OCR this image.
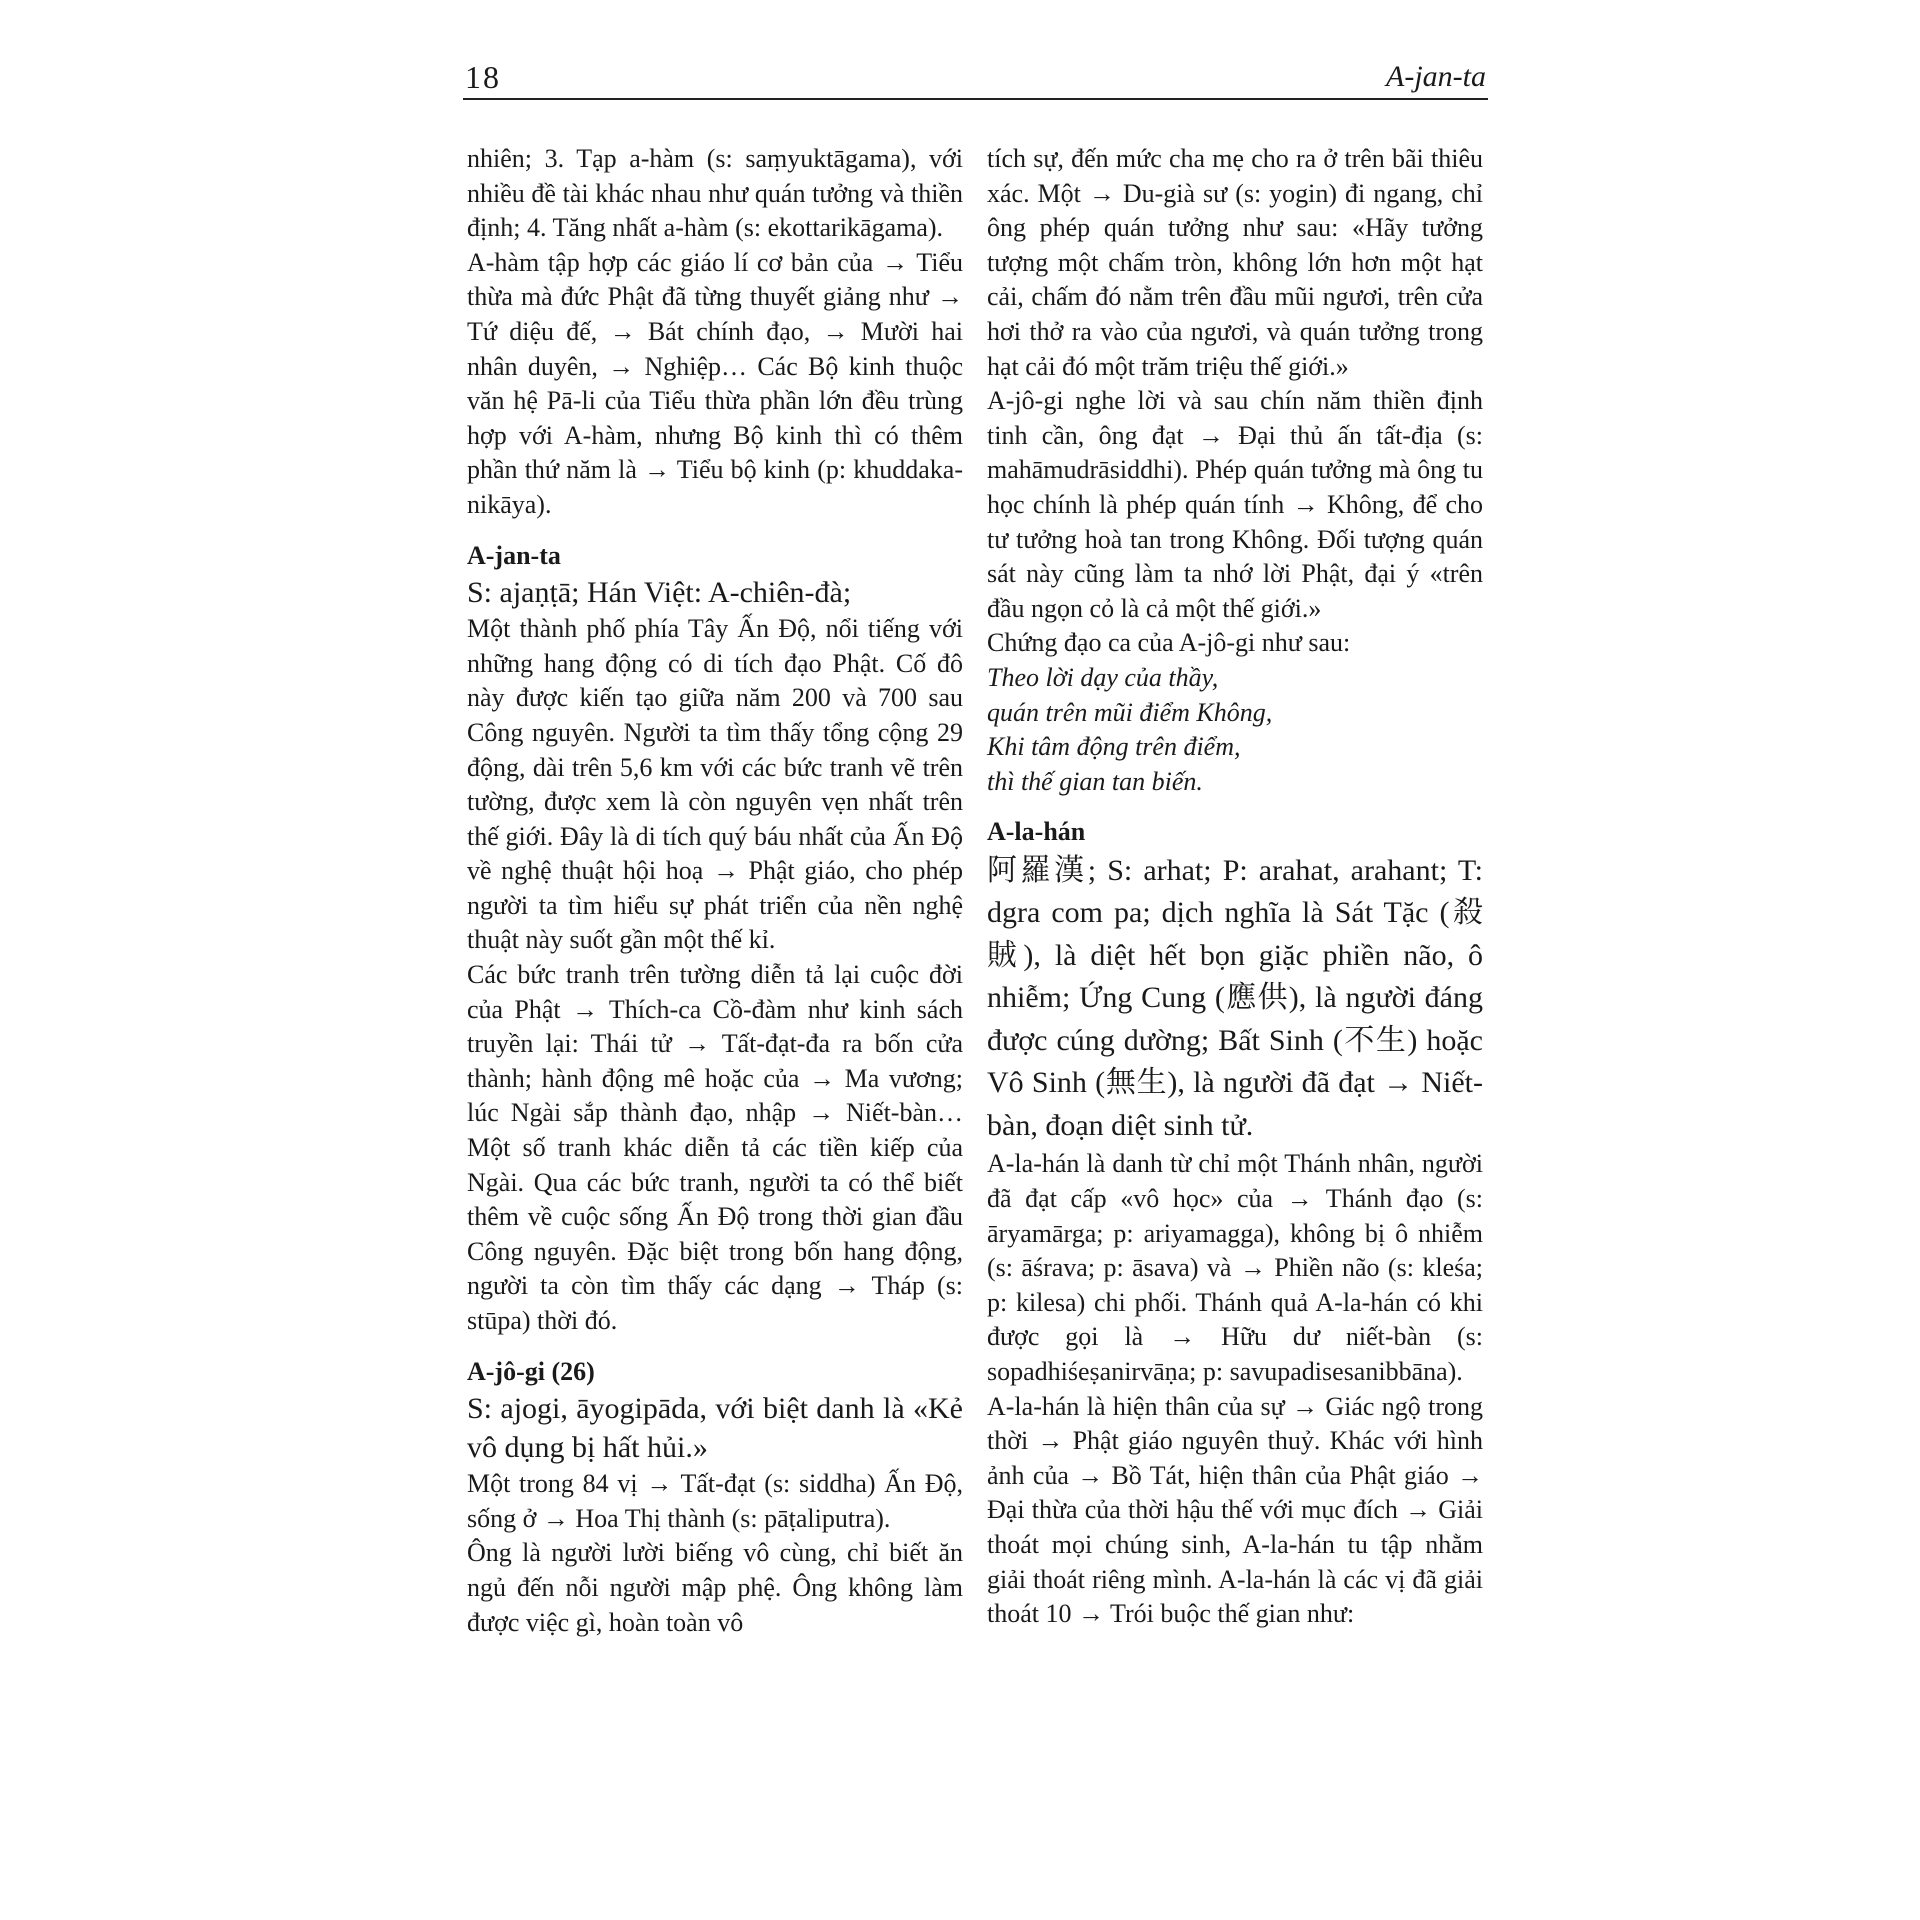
18	A-jan-ta
nhiên; 3. Tạp a-hàm (s: saṃyuktāgama), với nhiều đề tài khác nhau như quán tưởng và thiền định; 4. Tăng nhất a-hàm (s: ekottarikāgama).
A-hàm tập hợp các giáo lí cơ bản của → Tiểu thừa mà đức Phật đã từng thuyết giảng như → Tứ diệu đế, → Bát chính đạo, → Mười hai nhân duyên, → Nghiệp… Các Bộ kinh thuộc văn hệ Pā-li của Tiểu thừa phần lớn đều trùng hợp với A-hàm, nhưng Bộ kinh thì có thêm phần thứ năm là → Tiểu bộ kinh (p: khuddaka-nikāya).
A-jan-ta
S: ajaṇṭā; Hán Việt: A-chiên-đà;
Một thành phố phía Tây Ấn Độ, nổi tiếng với những hang động có di tích đạo Phật. Cố đô này được kiến tạo giữa năm 200 và 700 sau Công nguyên. Người ta tìm thấy tổng cộng 29 động, dài trên 5,6 km với các bức tranh vẽ trên tường, được xem là còn nguyên vẹn nhất trên thế giới. Đây là di tích quý báu nhất của Ấn Độ về nghệ thuật hội hoạ → Phật giáo, cho phép người ta tìm hiểu sự phát triển của nền nghệ thuật này suốt gần một thế kỉ.
Các bức tranh trên tường diễn tả lại cuộc đời của Phật → Thích-ca Cồ-đàm như kinh sách truyền lại: Thái tử → Tất-đạt-đa ra bốn cửa thành; hành động mê hoặc của → Ma vương; lúc Ngài sắp thành đạo, nhập → Niết-bàn… Một số tranh khác diễn tả các tiền kiếp của Ngài. Qua các bức tranh, người ta có thể biết thêm về cuộc sống Ấn Độ trong thời gian đầu Công nguyên. Đặc biệt trong bốn hang động, người ta còn tìm thấy các dạng → Tháp (s: stūpa) thời đó.
A-jô-gi (26)
S: ajogi, āyogipāda, với biệt danh là «Kẻ vô dụng bị hất hủi.»
Một trong 84 vị → Tất-đạt (s: siddha) Ấn Độ, sống ở → Hoa Thị thành (s: pāṭaliputra).
Ông là người lười biếng vô cùng, chỉ biết ăn ngủ đến nỗi người mập phệ. Ông không làm được việc gì, hoàn toàn vô
tích sự, đến mức cha mẹ cho ra ở trên bãi thiêu xác. Một → Du-già sư (s: yogin) đi ngang, chỉ ông phép quán tưởng như sau: «Hãy tưởng tượng một chấm tròn, không lớn hơn một hạt cải, chấm đó nằm trên đầu mũi ngươi, trên cửa hơi thở ra vào của ngươi, và quán tưởng trong hạt cải đó một trăm triệu thế giới.»
A-jô-gi nghe lời và sau chín năm thiền định tinh cần, ông đạt → Đại thủ ấn tất-địa (s: mahāmudrāsiddhi). Phép quán tưởng mà ông tu học chính là phép quán tính → Không, để cho tư tưởng hoà tan trong Không. Đối tượng quán sát này cũng làm ta nhớ lời Phật, đại ý «trên đầu ngọn cỏ là cả một thế giới.»
Chứng đạo ca của A-jô-gi như sau:
Theo lời dạy của thầy,
quán trên mũi điểm Không,
Khi tâm động trên điểm,
thì thế gian tan biến.
A-la-hán
阿羅漢; S: arhat; P: arahat, arahant; T: dgra com pa; dịch nghĩa là Sát Tặc (殺賊), là diệt hết bọn giặc phiền não, ô nhiễm; Ứng Cung (應供), là người đáng được cúng dường; Bất Sinh (不生) hoặc Vô Sinh (無生), là người đã đạt → Niết-bàn, đoạn diệt sinh tử.
A-la-hán là danh từ chỉ một Thánh nhân, người đã đạt cấp «vô học» của → Thánh đạo (s: āryamārga; p: ariyamagga), không bị ô nhiễm (s: āśrava; p: āsava) và → Phiền não (s: kleśa; p: kilesa) chi phối. Thánh quả A-la-hán có khi được gọi là → Hữu dư niết-bàn (s: sopadhiśeṣanirvāṇa; p: savupadisesanibbāna).
A-la-hán là hiện thân của sự → Giác ngộ trong thời → Phật giáo nguyên thuỷ. Khác với hình ảnh của → Bồ Tát, hiện thân của Phật giáo → Đại thừa của thời hậu thế với mục đích → Giải thoát mọi chúng sinh, A-la-hán tu tập nhằm giải thoát riêng mình. A-la-hán là các vị đã giải thoát 10 → Trói buộc thế gian như:
